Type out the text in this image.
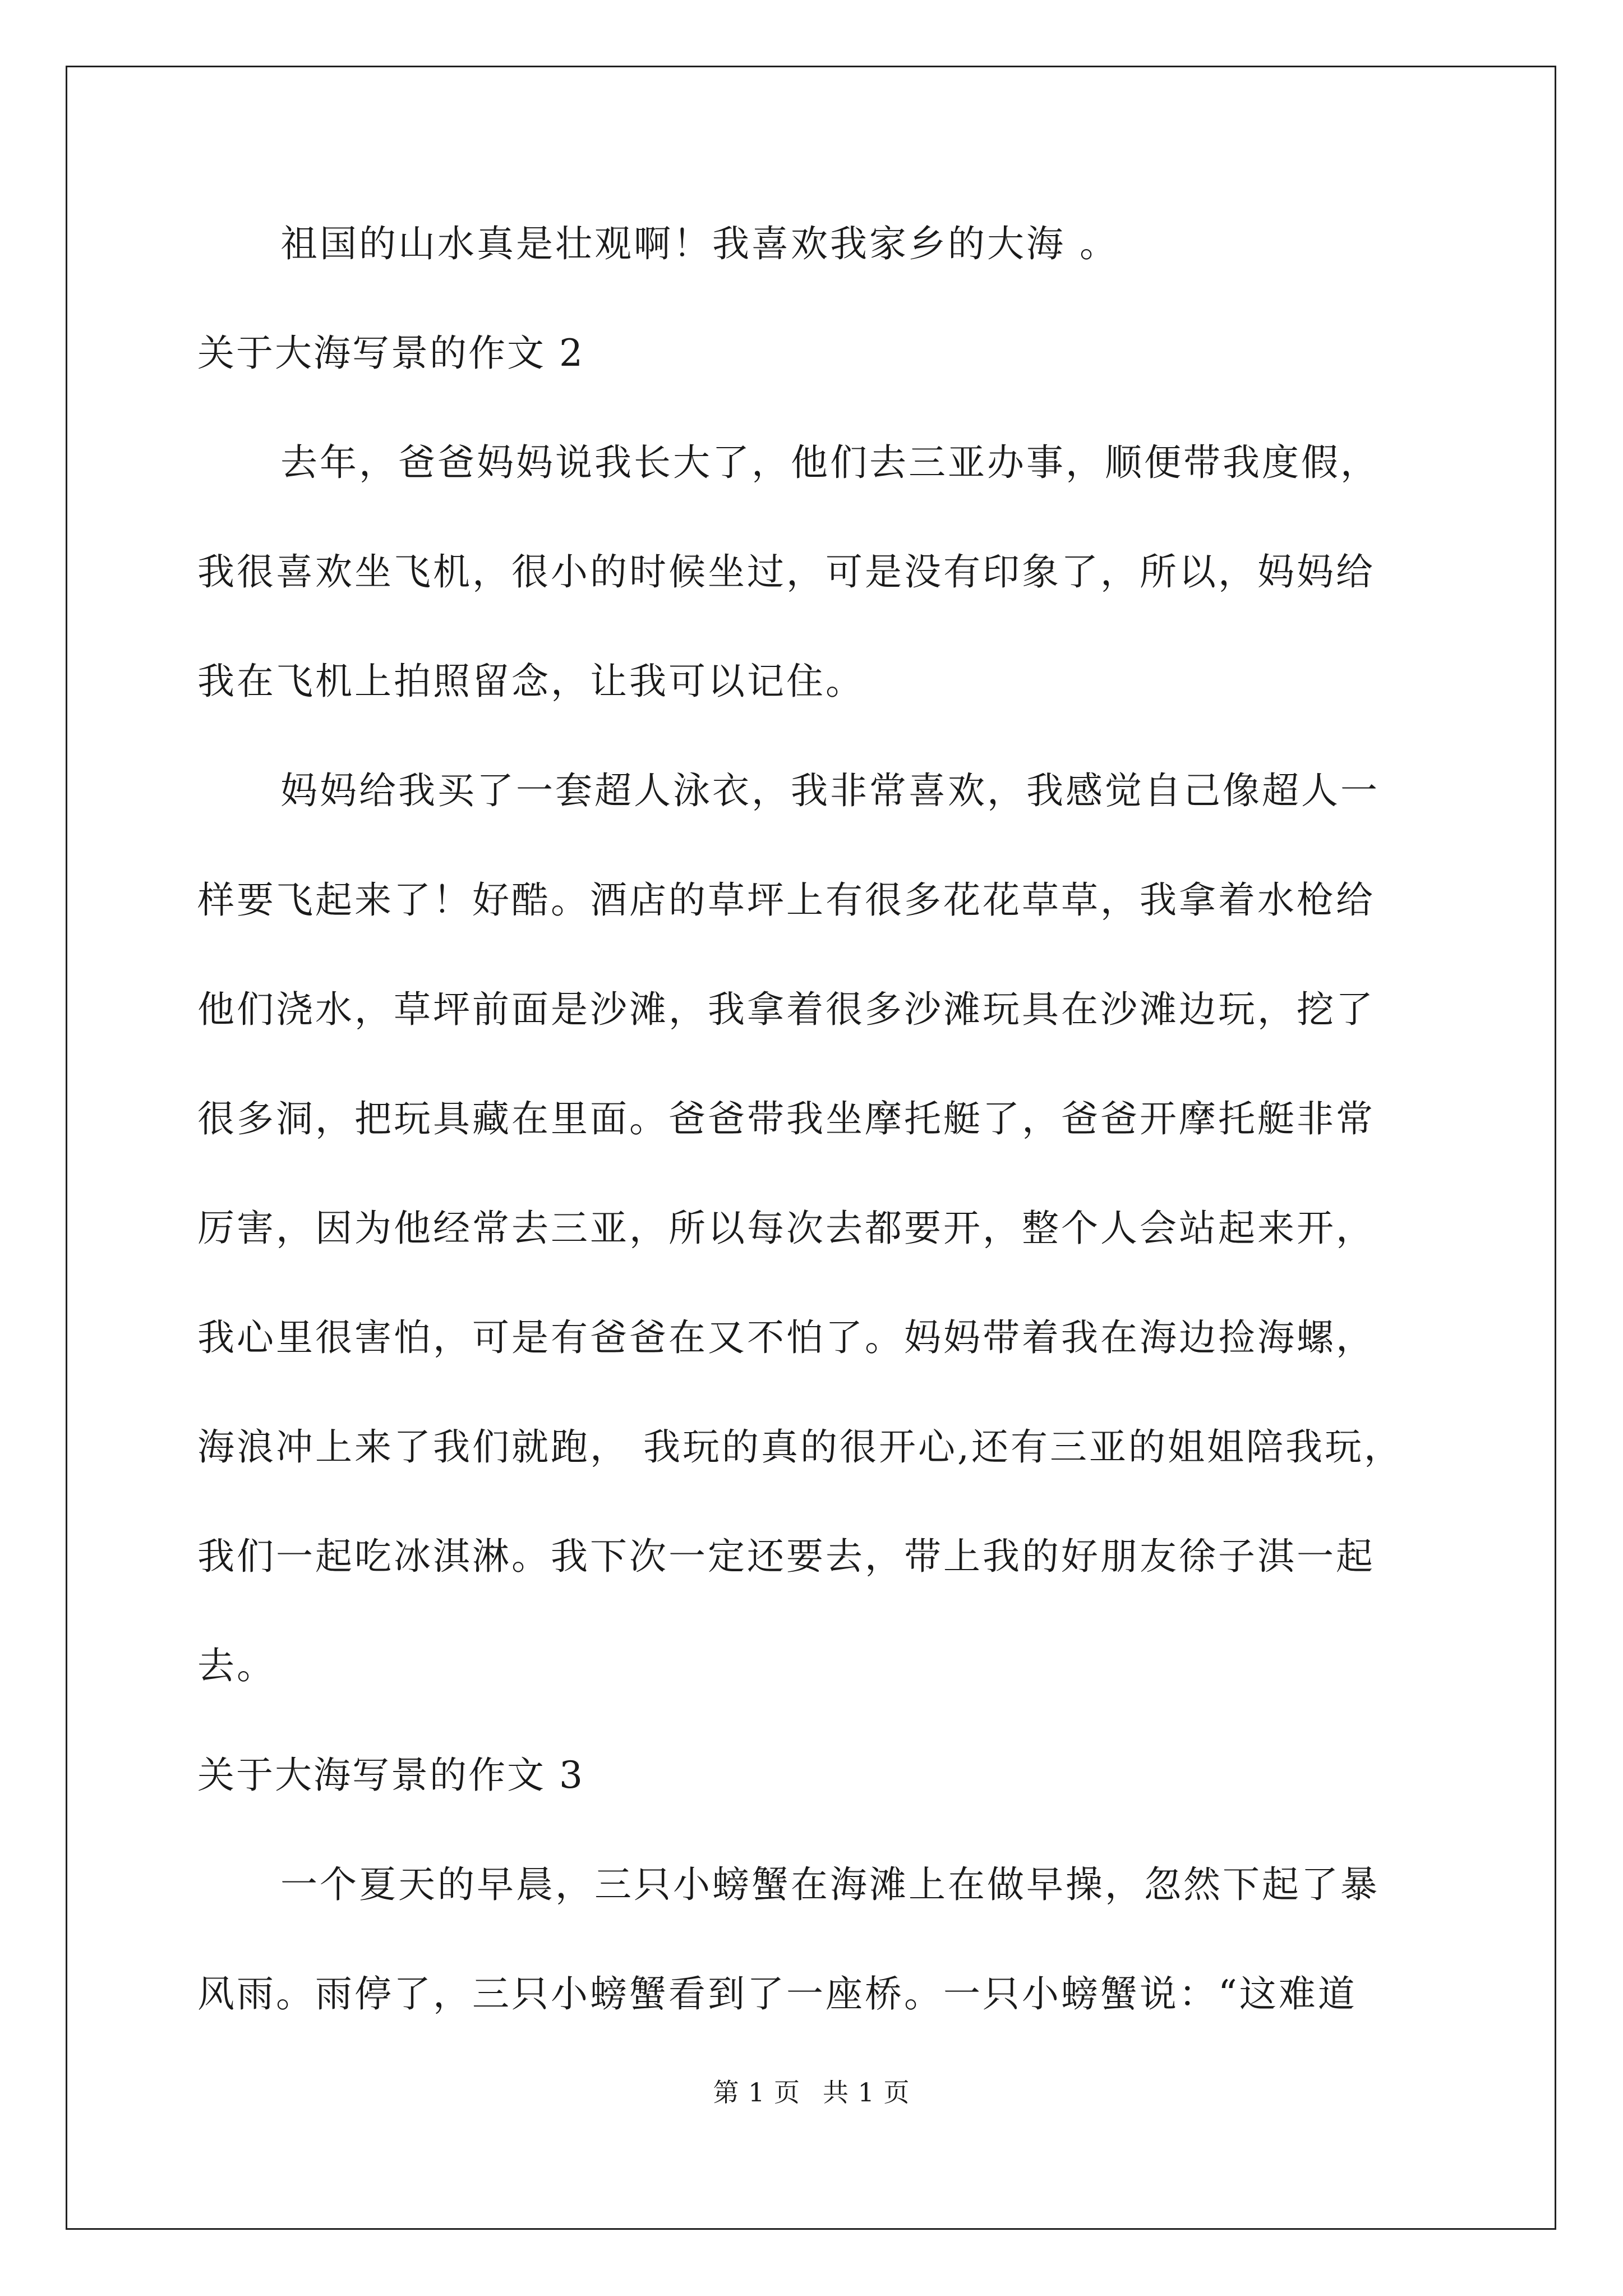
祖国的山水真是壮观啊！我喜欢我家乡的大海 。
关于大海写景的作文 2
去年，爸爸妈妈说我长大了，他们去三亚办事，顺便带我度假，
我很喜欢坐飞机，很小的时候坐过，可是没有印象了，所以，妈妈给
我在飞机上拍照留念，让我可以记住。
妈妈给我买了一套超人泳衣，我非常喜欢，我感觉自己像超人一
样要飞起来了！好酷。酒店的草坪上有很多花花草草，我拿着水枪给
他们浇水，草坪前面是沙滩，我拿着很多沙滩玩具在沙滩边玩，挖了
很多洞，把玩具藏在里面。爸爸带我坐摩托艇了，爸爸开摩托艇非常
厉害，因为他经常去三亚，所以每次去都要开，整个人会站起来开，
我心里很害怕，可是有爸爸在又不怕了。妈妈带着我在海边捡海螺，
海浪冲上来了我们就跑， 我玩的真的很开心,还有三亚的姐姐陪我玩，
我们一起吃冰淇淋。我下次一定还要去，带上我的好朋友徐子淇一起
去。
关于大海写景的作文 3
一个夏天的早晨，三只小螃蟹在海滩上在做早操，忽然下起了暴
风雨。雨停了，三只小螃蟹看到了一座桥。一只小螃蟹说：“这难道
第 1 页 共 1 页
